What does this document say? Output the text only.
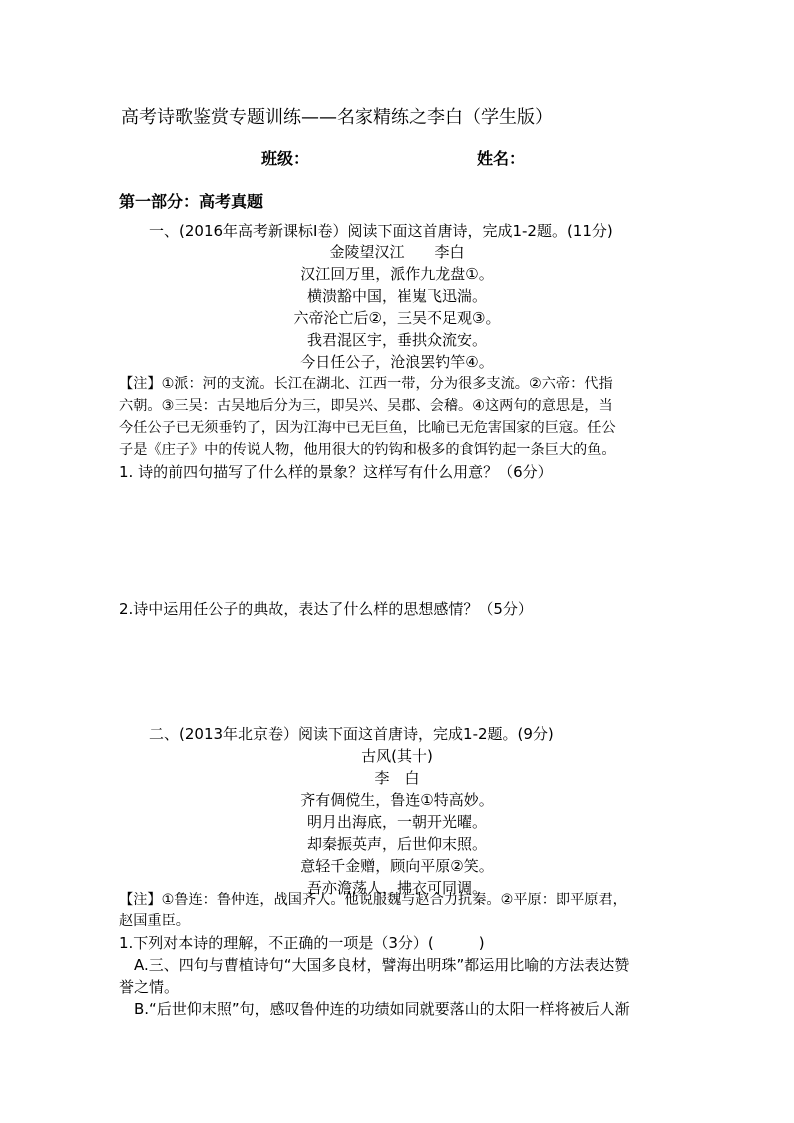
高考诗歌鉴赏专题训练——名家精练之李白（学生版）
班级：	姓名：
第一部分：高考真题
一、(2016年高考新课标Ⅰ卷）阅读下面这首唐诗，完成1-2题。(11分)
金陵望汉江　　李白
汉江回万里，派作九龙盘①。
横溃豁中国，崔嵬飞迅湍。
六帝沦亡后②，三吴不足观③。
我君混区宇，垂拱众流安。
今日任公子，沧浪罢钓竿④。
【注】①派：河的支流。长江在湖北、江西一带，分为很多支流。②六帝：代指
六朝。③三吴：古吴地后分为三，即吴兴、吴郡、会稽。④这两句的意思是，当
今任公子已无须垂钓了，因为江海中已无巨鱼，比喻已无危害国家的巨寇。任公
子是《庄子》中的传说人物，他用很大的钓钩和极多的食饵钓起一条巨大的鱼。
1. 诗的前四句描写了什么样的景象？这样写有什么用意？（6分）
2.诗中运用任公子的典故，表达了什么样的思想感情？（5分）
二、(2013年北京卷）阅读下面这首唐诗，完成1-2题。(9分)
古风(其十)
李　白
齐有倜傥生，鲁连①特高妙。
明月出海底，一朝开光曜。
却秦振英声，后世仰末照。
意轻千金赠，顾向平原②笑。
吾亦澹荡人，拂衣可同调。
【注】①鲁连：鲁仲连，战国齐人。他说服魏与赵合力抗秦。②平原：即平原君，
赵国重臣。
1.下列对本诗的理解，不正确的一项是（3分）(　　　)
A.三、四句与曹植诗句“大国多良材，譬海出明珠”都运用比喻的方法表达赞
誉之情。
B.“后世仰末照”句，感叹鲁仲连的功绩如同就要落山的太阳一样将被后人渐
